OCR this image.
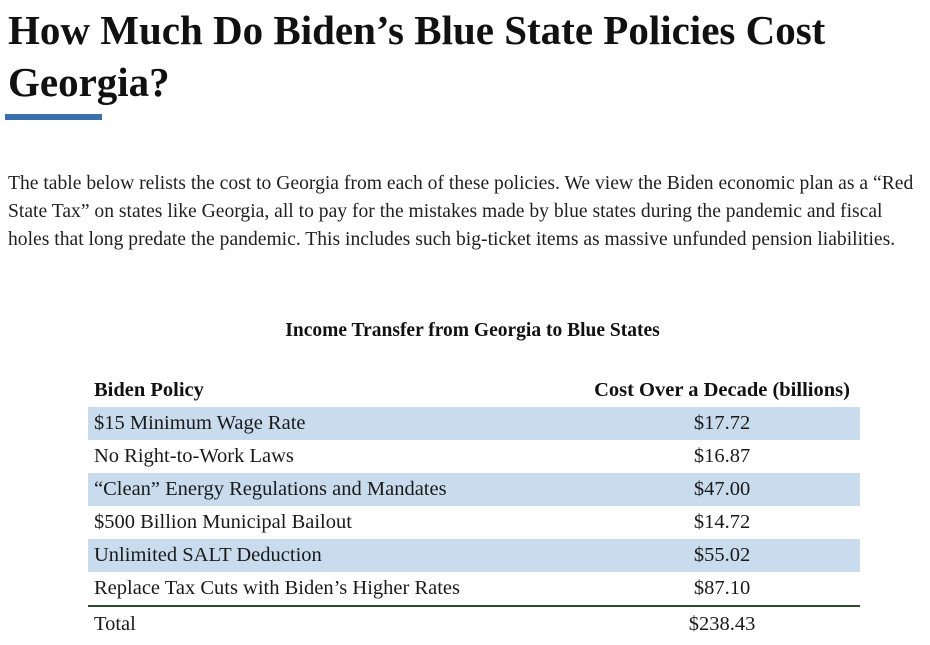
How Much Do Biden’s Blue State Policies Cost Georgia?

The table below relists the cost to Georgia from each of these policies. We view the Biden economic plan as a “Red State Tax” on states like Georgia, all to pay for the mistakes made by blue states during the pandemic and fiscal holes that long predate the pandemic. This includes such big-ticket items as massive unfunded pension liabilities.

Income Transfer from Georgia to Blue States
Biden Policy	Cost Over a Decade (billions)
$15 Minimum Wage Rate	$17.72
No Right-to-Work Laws	$16.87
“Clean” Energy Regulations and Mandates	$47.00
$500 Billion Municipal Bailout	$14.72
Unlimited SALT Deduction	$55.02
Replace Tax Cuts with Biden’s Higher Rates	$87.10
Total	$238.43
